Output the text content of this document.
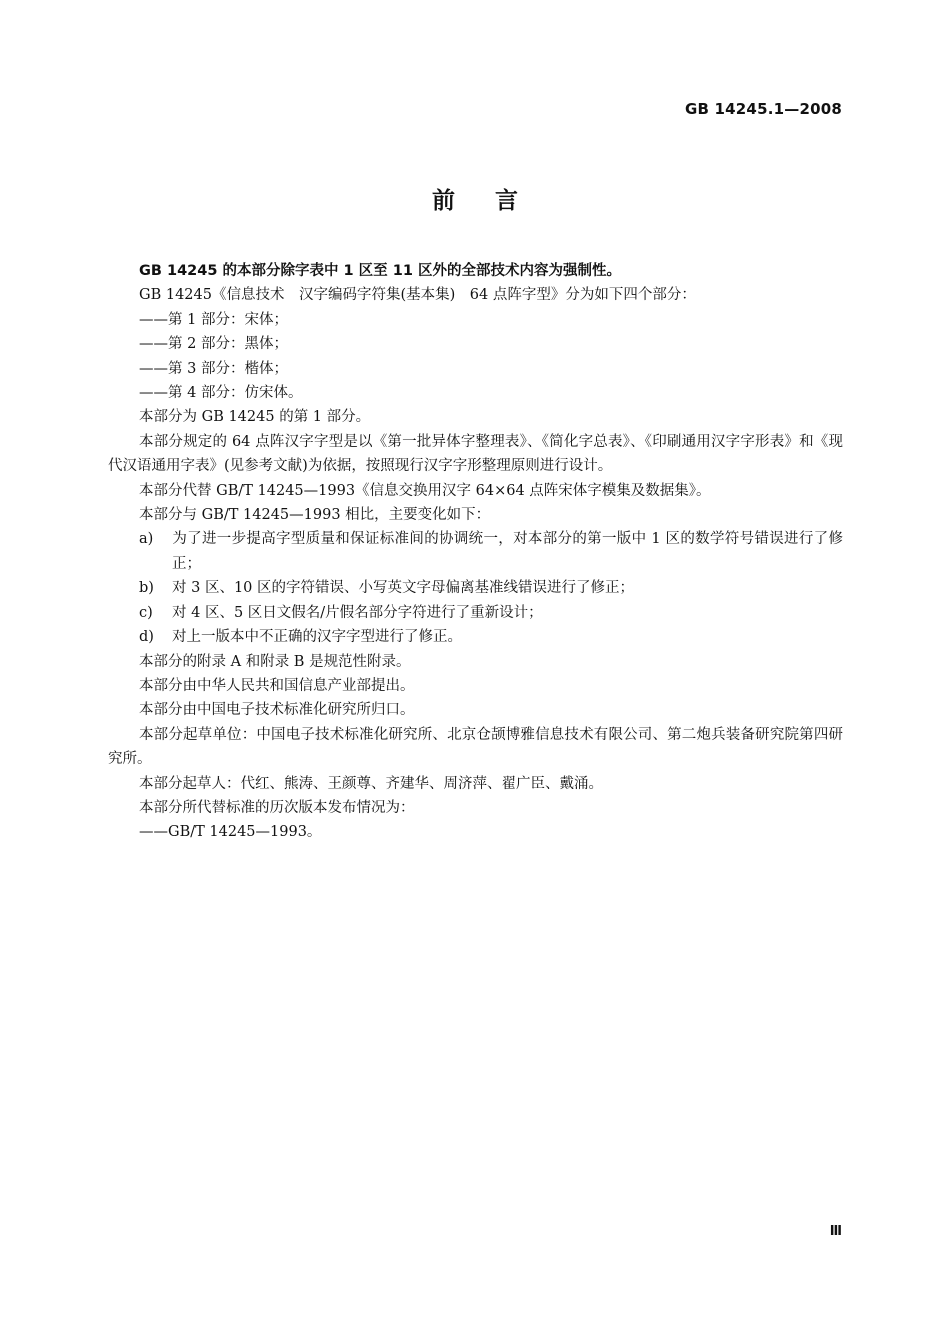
GB 14245.1—2008
前言

GB 14245 的本部分除字表中 1 区至 11 区外的全部技术内容为强制性。

GB 14245《信息技术　汉字编码字符集(基本集)　64 点阵字型》分为如下四个部分：

——第 1 部分：宋体；

——第 2 部分：黑体；

——第 3 部分：楷体；

——第 4 部分：仿宋体。

本部分为 GB 14245 的第 1 部分。

本部分规定的 64 点阵汉字字型是以《第一批异体字整理表》、《简化字总表》、《印刷通用汉字字形表》和《现代汉语通用字表》(见参考文献)为依据，按照现行汉字字形整理原则进行设计。

本部分代替 GB/T 14245—1993《信息交换用汉字 64×64 点阵宋体字模集及数据集》。

本部分与 GB/T 14245—1993 相比，主要变化如下：

a) 为了进一步提高字型质量和保证标准间的协调统一，对本部分的第一版中 1 区的数学符号错误进行了修正；

b) 对 3 区、10 区的字符错误、小写英文字母偏离基准线错误进行了修正；

c) 对 4 区、5 区日文假名/片假名部分字符进行了重新设计；

d) 对上一版本中不正确的汉字字型进行了修正。

本部分的附录 A 和附录 B 是规范性附录。

本部分由中华人民共和国信息产业部提出。

本部分由中国电子技术标准化研究所归口。

本部分起草单位：中国电子技术标准化研究所、北京仓颉博雅信息技术有限公司、第二炮兵装备研究院第四研究所。

本部分起草人：代红、熊涛、王颜尊、齐建华、周济萍、翟广臣、戴涌。

本部分所代替标准的历次版本发布情况为：

——GB/T 14245—1993。

Ⅲ
